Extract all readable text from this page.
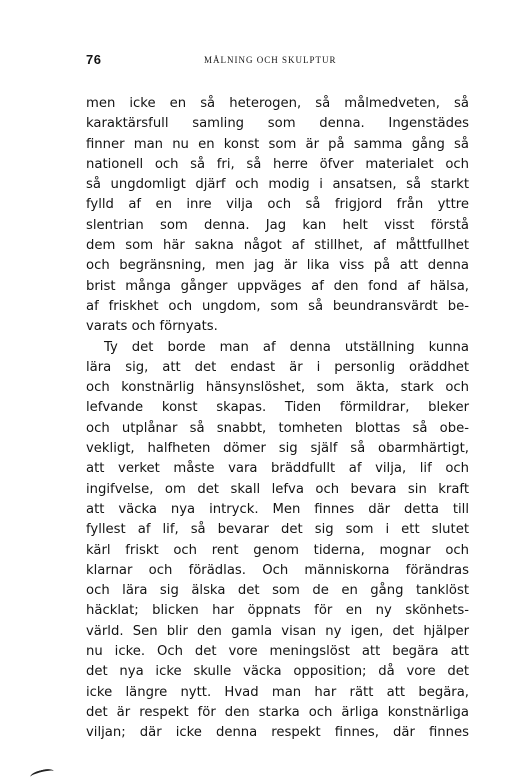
76	MÅLNING OCH SKULPTUR
men icke en så heterogen, så målmedveten, så
karaktärsfull samling som denna. Ingenstädes
finner man nu en konst som är på samma gång så
nationell och så fri, så herre öfver materialet och
så ungdomligt djärf och modig i ansatsen, så starkt
fylld af en inre vilja och så frigjord från yttre
slentrian som denna. Jag kan helt visst förstå
dem som här sakna något af stillhet, af måttfullhet
och begränsning, men jag är lika viss på att denna
brist många gånger uppväges af den fond af hälsa,
af friskhet och ungdom, som så beundransvärdt be-
varats och förnyats.
Ty det borde man af denna utställning kunna
lära sig, att det endast är i personlig oräddhet
och konstnärlig hänsynslöshet, som äkta, stark och
lefvande konst skapas. Tiden förmildrar, bleker
och utplånar så snabbt, tomheten blottas så obe-
vekligt, halfheten dömer sig själf så obarmhärtigt,
att verket måste vara bräddfullt af vilja, lif och
ingifvelse, om det skall lefva och bevara sin kraft
att väcka nya intryck. Men finnes där detta till
fyllest af lif, så bevarar det sig som i ett slutet
kärl friskt och rent genom tiderna, mognar och
klarnar och förädlas. Och människorna förändras
och lära sig älska det som de en gång tanklöst
häcklat; blicken har öppnats för en ny skönhets-
värld. Sen blir den gamla visan ny igen, det hjälper
nu icke. Och det vore meningslöst att begära att
det nya icke skulle väcka opposition; då vore det
icke längre nytt. Hvad man har rätt att begära,
det är respekt för den starka och ärliga konstnärliga
viljan; där icke denna respekt finnes, där finnes
